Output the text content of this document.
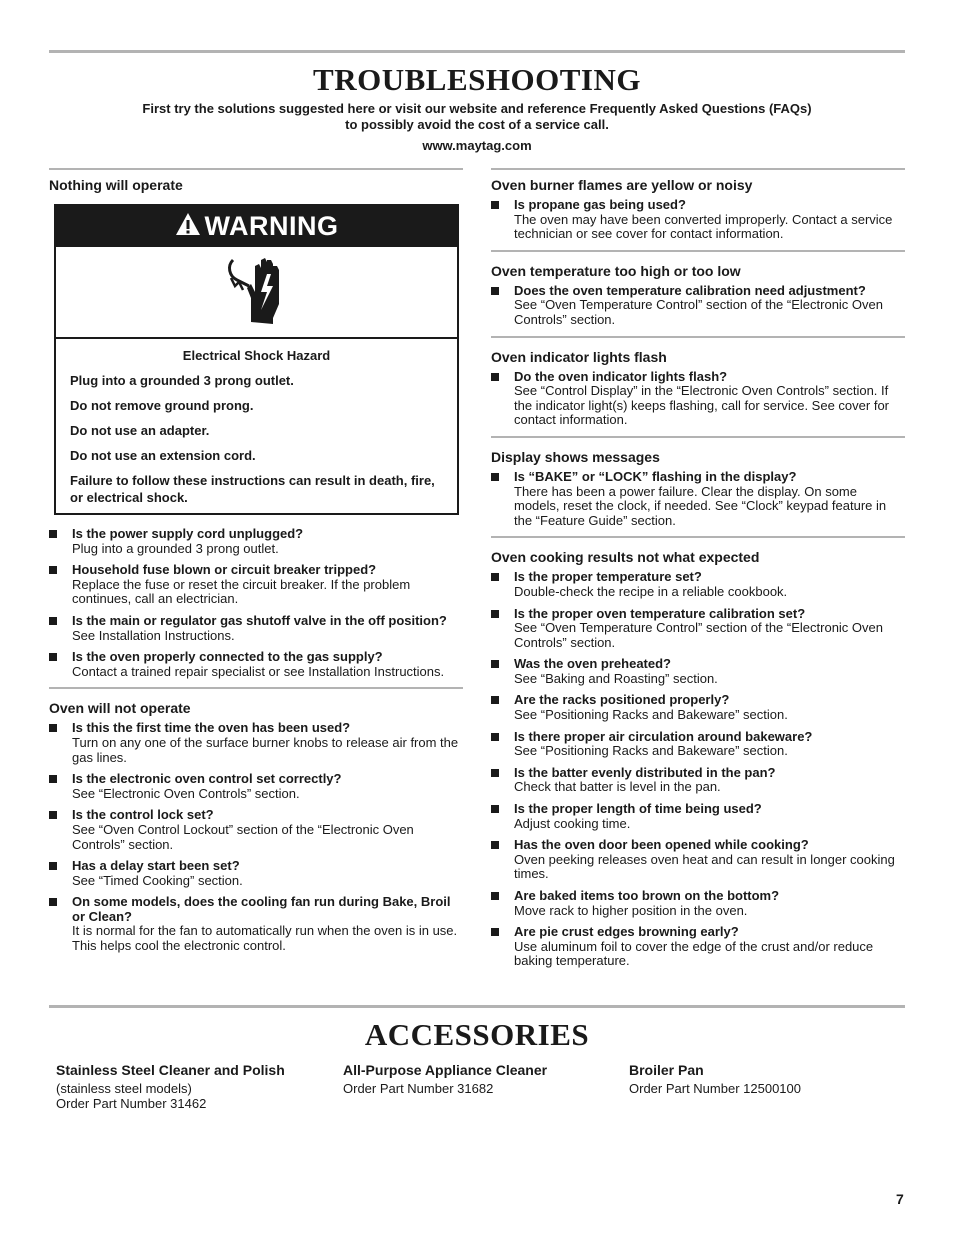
TROUBLESHOOTING
First try the solutions suggested here or visit our website and reference Frequently Asked Questions (FAQs)
to possibly avoid the cost of a service call.
www.maytag.com
Nothing will operate
WARNING
Electrical Shock Hazard

Plug into a grounded 3 prong outlet.

Do not remove ground prong.

Do not use an adapter.

Do not use an extension cord.

Failure to follow these instructions can result in death, fire, or electrical shock.

Is the power supply cord unplugged?
Plug into a grounded 3 prong outlet.
Household fuse blown or circuit breaker tripped?
Replace the fuse or reset the circuit breaker. If the problem continues, call an electrician.
Is the main or regulator gas shutoff valve in the off position?
See Installation Instructions.
Is the oven properly connected to the gas supply?
Contact a trained repair specialist or see Installation Instructions.
Oven will not operate
Is this the first time the oven has been used?
Turn on any one of the surface burner knobs to release air from the gas lines.
Is the electronic oven control set correctly?
See “Electronic Oven Controls” section.
Is the control lock set?
See “Oven Control Lockout” section of the “Electronic Oven Controls” section.
Has a delay start been set?
See “Timed Cooking” section.
On some models, does the cooling fan run during Bake, Broil or Clean?
It is normal for the fan to automatically run when the oven is in use. This helps cool the electronic control.
Oven burner flames are yellow or noisy
Is propane gas being used?
The oven may have been converted improperly. Contact a service technician or see cover for contact information.
Oven temperature too high or too low
Does the oven temperature calibration need adjustment?
See “Oven Temperature Control” section of the “Electronic Oven Controls” section.
Oven indicator lights flash
Do the oven indicator lights flash?
See “Control Display” in the “Electronic Oven Controls” section. If the indicator light(s) keeps flashing, call for service. See cover for contact information.
Display shows messages
Is “BAKE” or “LOCK” flashing in the display?
There has been a power failure. Clear the display. On some models, reset the clock, if needed. See “Clock” keypad feature in the “Feature Guide” section.
Oven cooking results not what expected
Is the proper temperature set?
Double-check the recipe in a reliable cookbook.
Is the proper oven temperature calibration set?
See “Oven Temperature Control” section of the “Electronic Oven Controls” section.
Was the oven preheated?
See “Baking and Roasting” section.
Are the racks positioned properly?
See “Positioning Racks and Bakeware” section.
Is there proper air circulation around bakeware?
See “Positioning Racks and Bakeware” section.
Is the batter evenly distributed in the pan?
Check that batter is level in the pan.
Is the proper length of time being used?
Adjust cooking time.
Has the oven door been opened while cooking?
Oven peeking releases oven heat and can result in longer cooking times.
Are baked items too brown on the bottom?
Move rack to higher position in the oven.
Are pie crust edges browning early?
Use aluminum foil to cover the edge of the crust and/or reduce baking temperature.
ACCESSORIES
Stainless Steel Cleaner and Polish
(stainless steel models)
Order Part Number 31462
All-Purpose Appliance Cleaner
Order Part Number 31682
Broiler Pan
Order Part Number 12500100
7
